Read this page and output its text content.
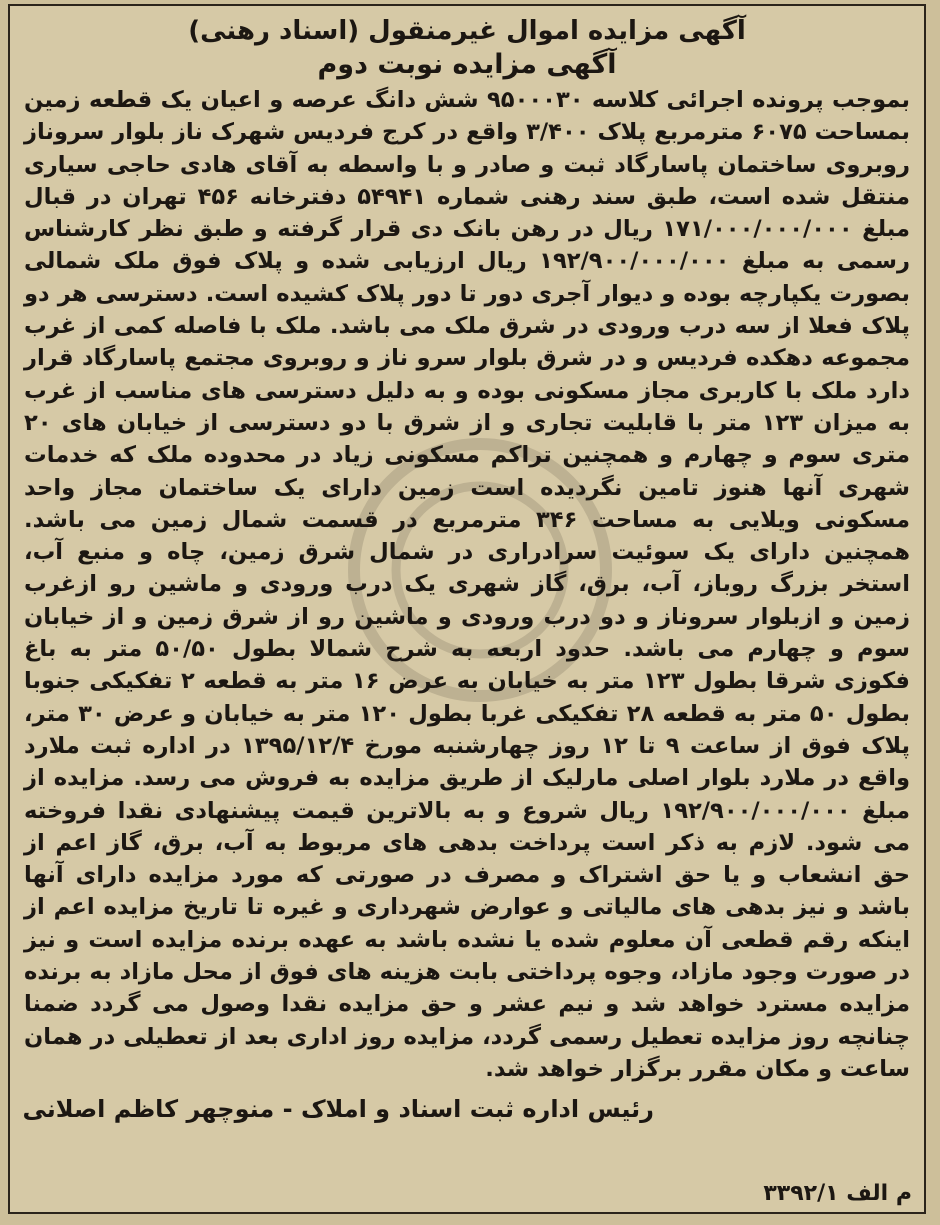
آگهی مزایده اموال غیرمنقول (اسناد رهنی)
آگهی مزایده نوبت دوم

بموجب پرونده اجرائی کلاسه ۹۵۰۰۰۳۰ شش دانگ عرصه و اعیان یک قطعه زمین بمساحت ۶۰۷۵ مترمربع پلاک ۳/۴۰۰ واقع در کرج فردیس شهرک ناز بلوار سروناز روبروی ساختمان پاسارگاد ثبت و صادر و با واسطه به آقای هادی حاجی سیاری منتقل شده است، طبق سند رهنی شماره ۵۴۹۴۱ دفترخانه ۴۵۶ تهران در قبال مبلغ ۱۷۱/۰۰۰/۰۰۰/۰۰۰ ریال در رهن بانک دی قرار گرفته و طبق نظر کارشناس رسمی به مبلغ ۱۹۲/۹۰۰/۰۰۰/۰۰۰ ریال ارزیابی شده و پلاک فوق ملک شمالی بصورت یکپارچه بوده و دیوار آجری دور تا دور پلاک کشیده است. دسترسی هر دو پلاک فعلا از سه درب ورودی در شرق ملک می باشد. ملک با فاصله کمی از غرب مجموعه دهکده فردیس و در شرق بلوار سرو ناز و روبروی مجتمع پاسارگاد قرار دارد ملک با کاربری مجاز مسکونی بوده و به دلیل دسترسی های مناسب از غرب به میزان ۱۲۳ متر با قابلیت تجاری و از شرق با دو دسترسی از خیابان های ۲۰ متری سوم و چهارم و همچنین تراکم مسکونی زیاد در محدوده ملک که خدمات شهری آنها هنوز تامین نگردیده است زمین دارای یک ساختمان مجاز واحد مسکونی ویلایی به مساحت ۳۴۶ مترمربع در قسمت شمال زمین می باشد. همچنین دارای یک سوئیت سرادراری در شمال شرق زمین، چاه و منبع آب، استخر بزرگ روباز، آب، برق، گاز شهری یک درب ورودی و ماشین رو ازغرب زمین و ازبلوار سروناز و دو درب ورودی و ماشین رو از شرق زمین و از خیابان سوم و چهارم می باشد. حدود اربعه به شرح شمالا بطول ۵۰/۵۰ متر به باغ فکوزی شرقا بطول ۱۲۳ متر به خیابان به عرض ۱۶ متر به قطعه ۲ تفکیکی جنوبا بطول ۵۰ متر به قطعه ۲۸ تفکیکی غربا بطول ۱۲۰ متر به خیابان و عرض ۳۰ متر، پلاک فوق از ساعت ۹ تا ۱۲ روز چهارشنبه مورخ ۱۳۹۵/۱۲/۴ در اداره ثبت ملارد واقع در ملارد بلوار اصلی مارلیک از طریق مزایده به فروش می رسد. مزایده از مبلغ ۱۹۲/۹۰۰/۰۰۰/۰۰۰ ریال شروع و به بالاترین قیمت پیشنهادی نقدا فروخته می شود. لازم به ذکر است پرداخت بدهی های مربوط به آب، برق، گاز اعم از حق انشعاب و یا حق اشتراک و مصرف در صورتی که مورد مزایده دارای آنها باشد و نیز بدهی های مالیاتی و عوارض شهرداری و غیره تا تاریخ مزایده اعم از اینکه رقم قطعی آن معلوم شده یا نشده باشد به عهده برنده مزایده است و نیز در صورت وجود مازاد، وجوه پرداختی بابت هزینه های فوق از محل مازاد به برنده مزایده مسترد خواهد شد و نیم عشر و حق مزایده نقدا وصول می گردد ضمنا چنانچه روز مزایده تعطیل رسمی گردد، مزایده روز اداری بعد از تعطیلی در همان ساعت و مکان مقرر برگزار خواهد شد.

رئیس اداره ثبت اسناد و املاک - منوچهر کاظم اصلانی
م الف ۳۳۹۲/۱
